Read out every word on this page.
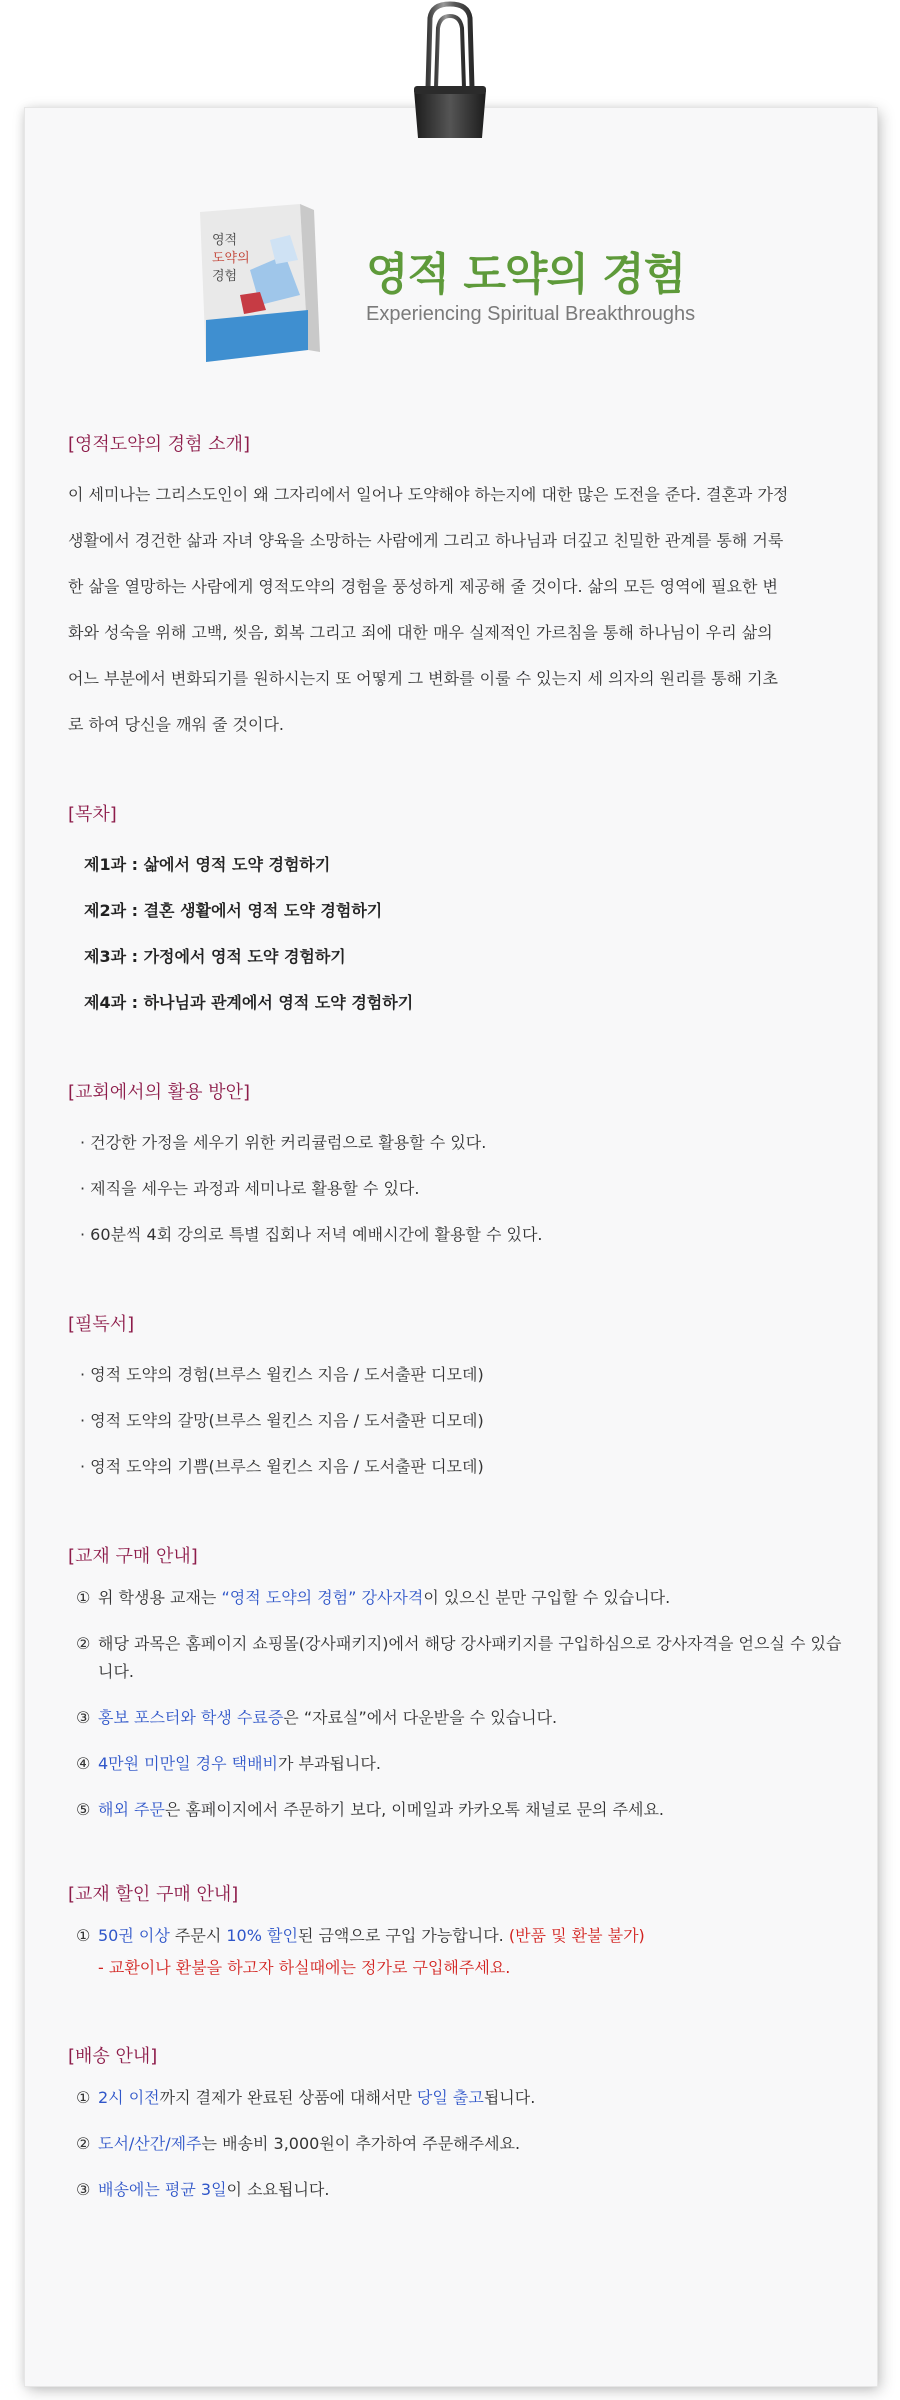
영적
도약의
경험	영적 도약의 경험
Experiencing Spiritual Breakthroughs
[영적도약의 경험 소개]

이 세미나는 그리스도인이 왜 그자리에서 일어나 도약해야 하는지에 대한 많은 도전을 준다. 결혼과 가정
생활에서 경건한 삶과 자녀 양육을 소망하는 사람에게 그리고 하나님과 더깊고 친밀한 관계를 통해 거룩
한 삶을 열망하는 사람에게 영적도약의 경험을 풍성하게 제공해 줄 것이다. 삶의 모든 영역에 필요한 변
화와 성숙을 위해 고백, 씻음, 회복 그리고 죄에 대한 매우 실제적인 가르침을 통해 하나님이 우리 삶의
어느 부분에서 변화되기를 원하시는지 또 어떻게 그 변화를 이룰 수 있는지 세 의자의 원리를 통해 기초
로 하여 당신을 깨워 줄 것이다.

[목차]
제1과 : 삶에서 영적 도약 경험하기
제2과 : 결혼 생활에서 영적 도약 경험하기
제3과 : 가정에서 영적 도약 경험하기
제4과 : 하나님과 관계에서 영적 도약 경험하기
[교회에서의 활용 방안]
· 건강한 가정을 세우기 위한 커리큘럼으로 활용할 수 있다.
· 제직을 세우는 과정과 세미나로 활용할 수 있다.
· 60분씩 4회 강의로 특별 집회나 저녁 예배시간에 활용할 수 있다.
[필독서]
· 영적 도약의 경험(브루스 윌킨스 지음 / 도서출판 디모데)
· 영적 도약의 갈망(브루스 윌킨스 지음 / 도서출판 디모데)
· 영적 도약의 기쁨(브루스 윌킨스 지음 / 도서출판 디모데)
[교재 구매 안내]
① 위 학생용 교재는 “영적 도약의 경험” 강사자격이 있으신 분만 구입할 수 있습니다.
② 해당 과목은 홈페이지 쇼핑몰(강사패키지)에서 해당 강사패키지를 구입하심으로 강사자격을 얻으실 수 있습니다.
③ 홍보 포스터와 학생 수료증은 “자료실”에서 다운받을 수 있습니다.
④ 4만원 미만일 경우 택배비가 부과됩니다.
⑤ 해외 주문은 홈페이지에서 주문하기 보다, 이메일과 카카오톡 채널로 문의 주세요.
[교재 할인 구매 안내]
① 50권 이상 주문시 10% 할인된 금액으로 구입 가능합니다. (반품 및 환불 불가)
- 교환이나 환불을 하고자 하실때에는 정가로 구입해주세요.
[배송 안내]
① 2시 이전까지 결제가 완료된 상품에 대해서만 당일 출고됩니다.
② 도서/산간/제주는 배송비 3,000원이 추가하여 주문해주세요.
③ 배송에는 평균 3일이 소요됩니다.
